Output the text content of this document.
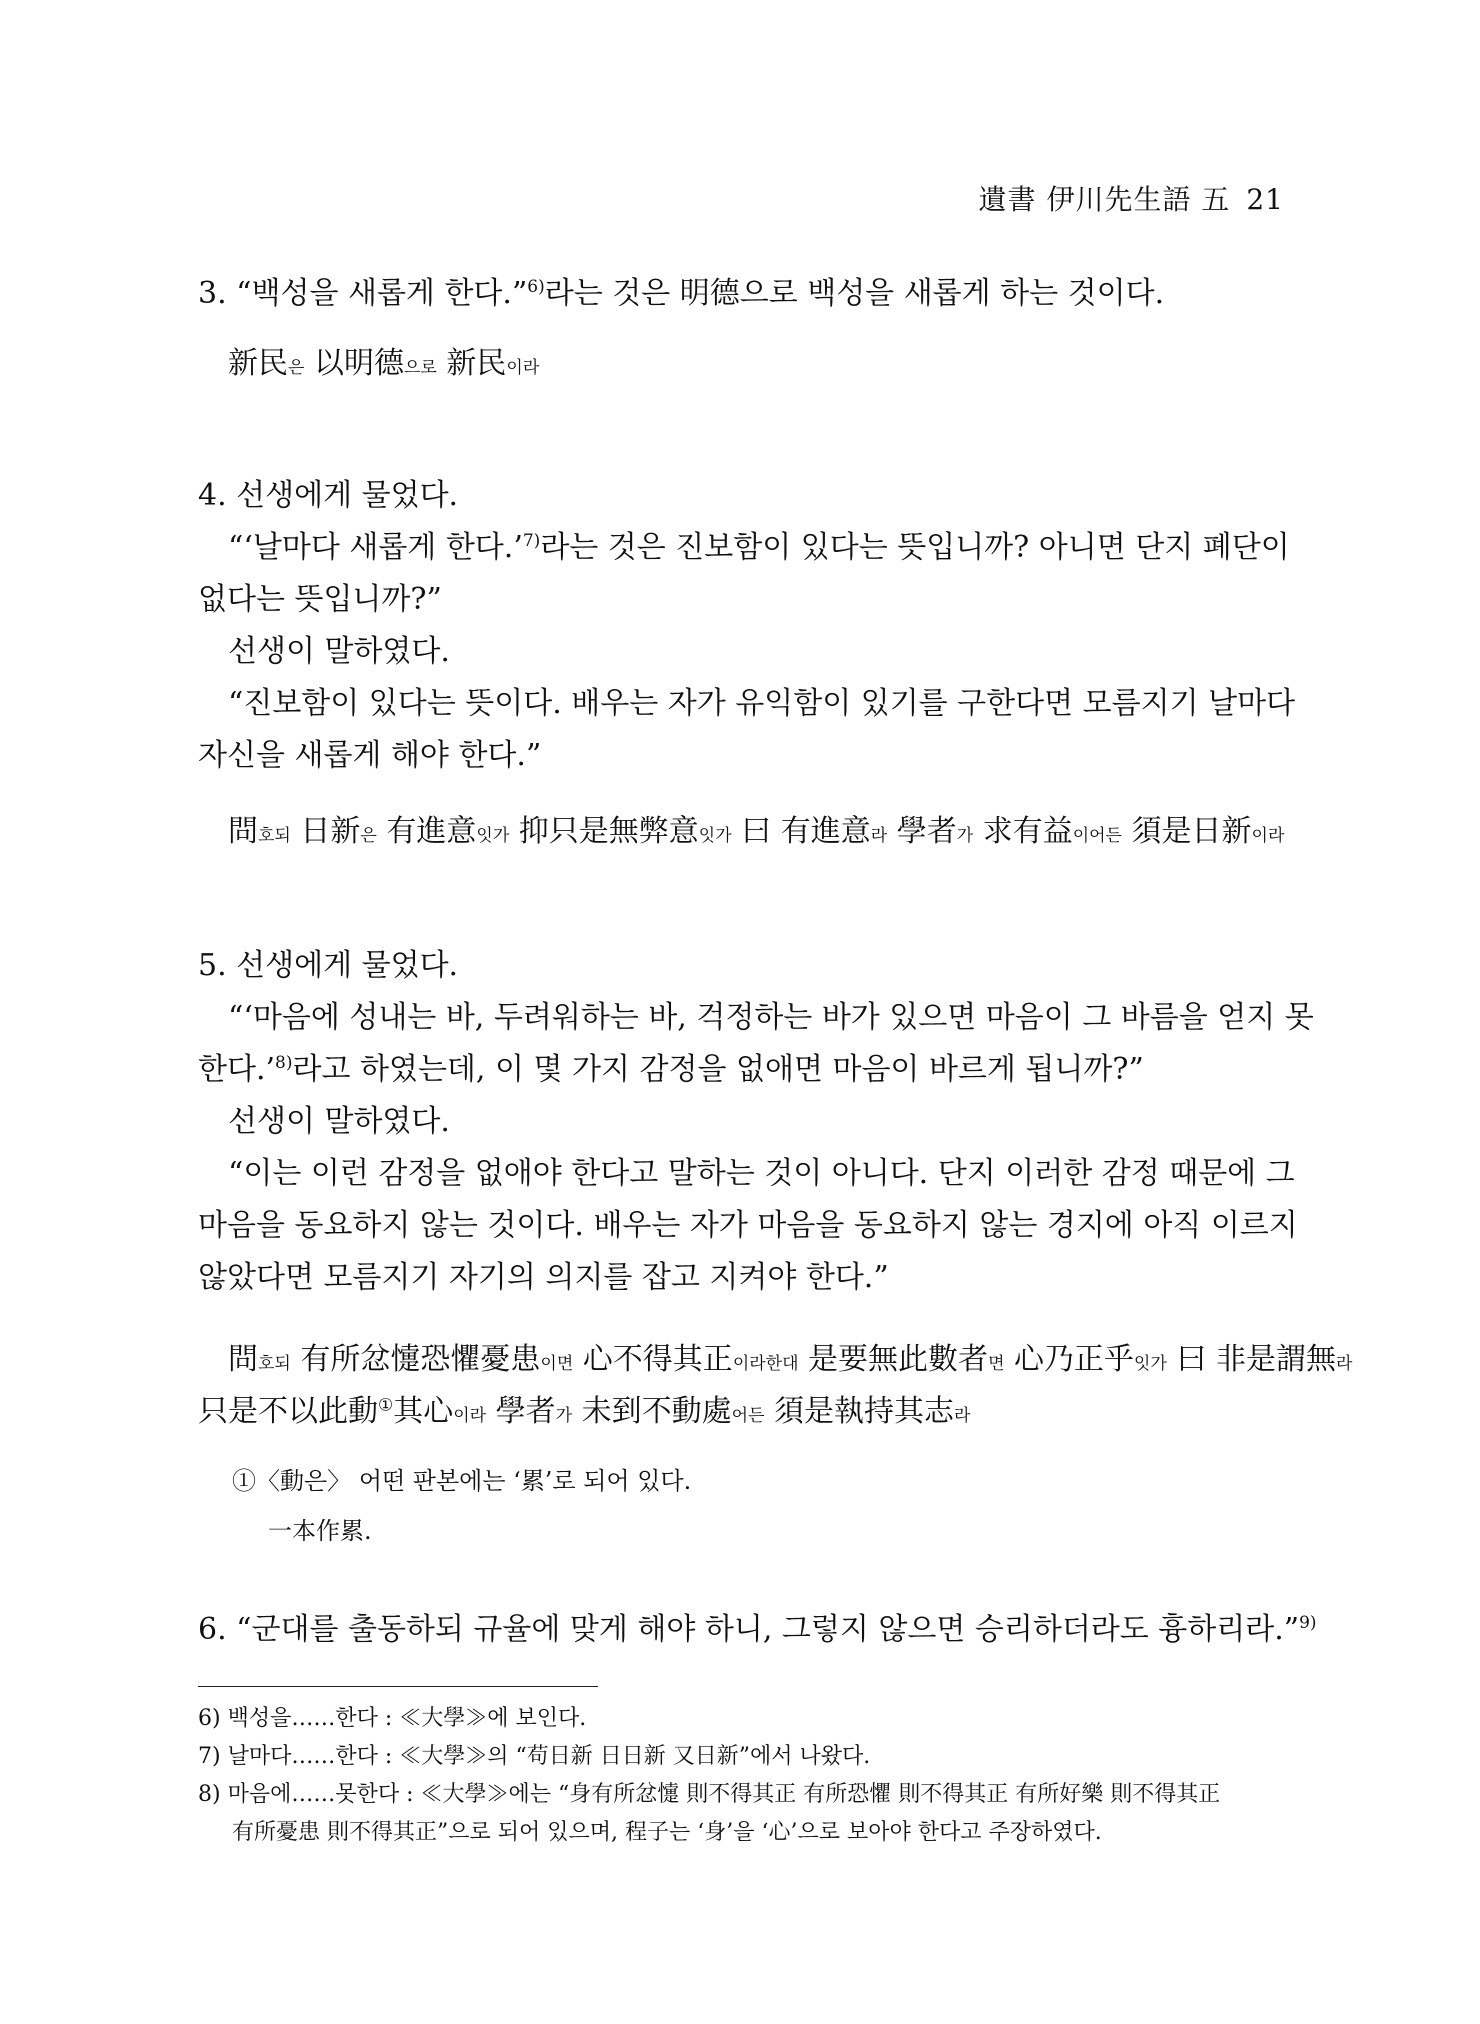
遺書 伊川先生語 五 21
3. “백성을 새롭게 한다.”$^{6)}$라는 것은 明德으로 백성을 새롭게 하는 것이다.
新民은 以明德으로 新民이라
4. 선생에게 물었다.
“‘날마다 새롭게 한다.’$^{7)}$라는 것은 진보함이 있다는 뜻입니까? 아니면 단지 폐단이
없다는 뜻입니까?”
선생이 말하였다.
“진보함이 있다는 뜻이다. 배우는 자가 유익함이 있기를 구한다면 모름지기 날마다
자신을 새롭게 해야 한다.”
問호되 日新은 有進意잇가 抑只是無弊意잇가 曰 有進意라 學者가 求有益이어든 須是日新이라
5. 선생에게 물었다.
“‘마음에 성내는 바, 두려워하는 바, 걱정하는 바가 있으면 마음이 그 바름을 얻지 못
한다.’$^{8)}$라고 하였는데, 이 몇 가지 감정을 없애면 마음이 바르게 됩니까?”
선생이 말하였다.
“이는 이런 감정을 없애야 한다고 말하는 것이 아니다. 단지 이러한 감정 때문에 그
마음을 동요하지 않는 것이다. 배우는 자가 마음을 동요하지 않는 경지에 아직 이르지
않았다면 모름지기 자기의 의지를 잡고 지켜야 한다.”
問호되 有所忿懥恐懼憂患이면 心不得其正이라한대 是要無此數者면 心乃正乎잇가 曰 非是謂無라
只是不以此動①其心이라 學者가 未到不動處어든 須是執持其志라
①〈動은〉 어떤 판본에는 ‘累’로 되어 있다.
一本作累.
6. “군대를 출동하되 규율에 맞게 해야 하니, 그렇지 않으면 승리하더라도 흉하리라.”$^{9)}$
6) 백성을……한다 : ≪大學≫에 보인다.
7) 날마다……한다 : ≪大學≫의 “苟日新 日日新 又日新”에서 나왔다.
8) 마음에……못한다 : ≪大學≫에는 “身有所忿懥 則不得其正 有所恐懼 則不得其正 有所好樂 則不得其正
有所憂患 則不得其正”으로 되어 있으며, 程子는 ‘身’을 ‘心’으로 보아야 한다고 주장하였다.
